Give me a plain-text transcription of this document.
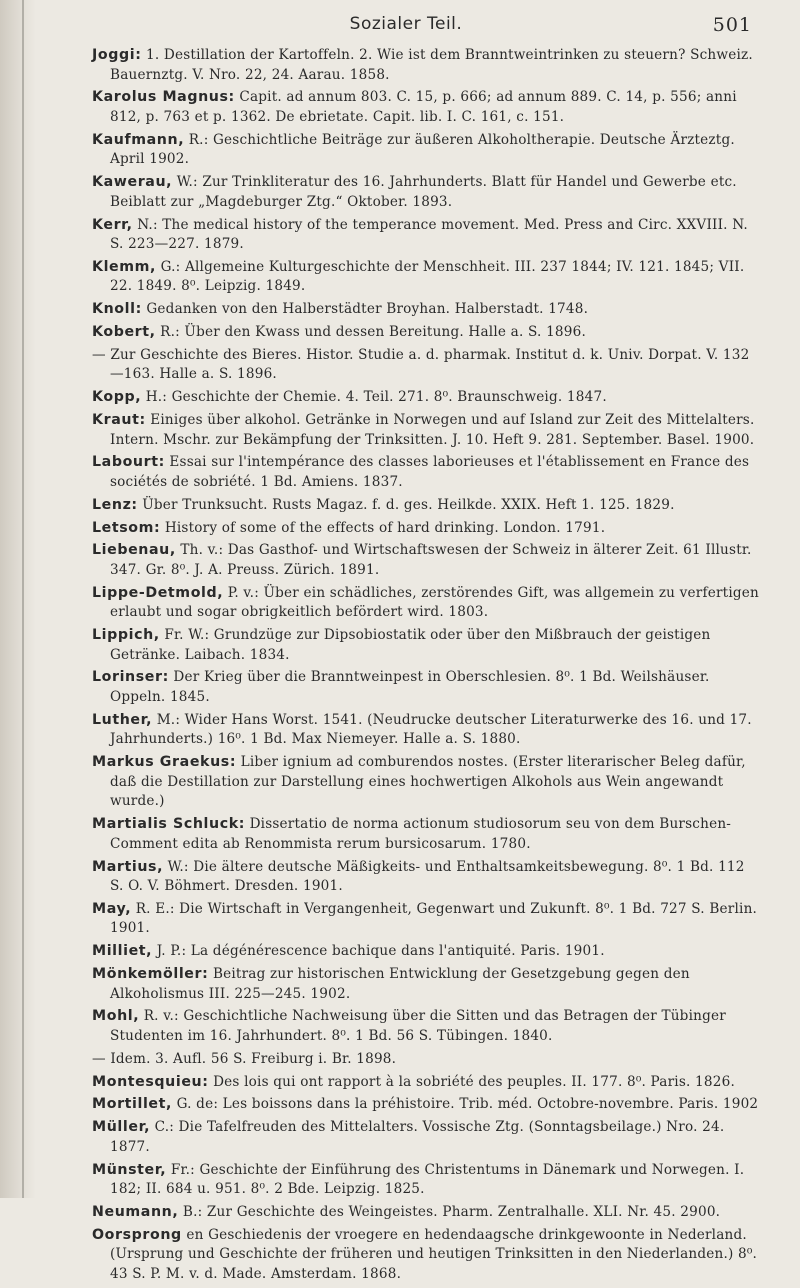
Sozialer Teil.	501

Joggi: 1. Destillation der Kartoffeln. 2. Wie ist dem Branntweintrinken zu steuern? Schweiz. Bauernztg. V. Nro. 22, 24. Aarau. 1858.

Karolus Magnus: Capit. ad annum 803. C. 15, p. 666; ad annum 889. C. 14, p. 556; anni 812, p. 763 et p. 1362. De ebrietate. Capit. lib. I. C. 161, c. 151.

Kaufmann, R.: Geschichtliche Beiträge zur äußeren Alkoholtherapie. Deutsche Ärzteztg. April 1902.

Kawerau, W.: Zur Trinkliteratur des 16. Jahrhunderts. Blatt für Handel und Gewerbe etc. Beiblatt zur „Magdeburger Ztg.“ Oktober. 1893.

Kerr, N.: The medical history of the temperance movement. Med. Press and Circ. XXVIII. N. S. 223—227. 1879.

Klemm, G.: Allgemeine Kulturgeschichte der Menschheit. III. 237 1844; IV. 121. 1845; VII. 22. 1849. 8⁰. Leipzig. 1849.

Knoll: Gedanken von den Halberstädter Broyhan. Halberstadt. 1748.

Kobert, R.: Über den Kwass und dessen Bereitung. Halle a. S. 1896.

— Zur Geschichte des Bieres. Histor. Studie a. d. pharmak. Institut d. k. Univ. Dorpat. V. 132—163. Halle a. S. 1896.

Kopp, H.: Geschichte der Chemie. 4. Teil. 271. 8⁰. Braunschweig. 1847.

Kraut: Einiges über alkohol. Getränke in Norwegen und auf Island zur Zeit des Mittelalters. Intern. Mschr. zur Bekämpfung der Trinksitten. J. 10. Heft 9. 281. September. Basel. 1900.

Labourt: Essai sur l'intempérance des classes laborieuses et l'établissement en France des sociétés de sobriété. 1 Bd. Amiens. 1837.

Lenz: Über Trunksucht. Rusts Magaz. f. d. ges. Heilkde. XXIX. Heft 1. 125. 1829.

Letsom: History of some of the effects of hard drinking. London. 1791.

Liebenau, Th. v.: Das Gasthof- und Wirtschaftswesen der Schweiz in älterer Zeit. 61 Illustr. 347. Gr. 8⁰. J. A. Preuss. Zürich. 1891.

Lippe-Detmold, P. v.: Über ein schädliches, zerstörendes Gift, was allgemein zu verfertigen erlaubt und sogar obrigkeitlich befördert wird. 1803.

Lippich, Fr. W.: Grundzüge zur Dipsobiostatik oder über den Mißbrauch der geistigen Getränke. Laibach. 1834.

Lorinser: Der Krieg über die Branntweinpest in Oberschlesien. 8⁰. 1 Bd. Weilshäuser. Oppeln. 1845.

Luther, M.: Wider Hans Worst. 1541. (Neudrucke deutscher Literaturwerke des 16. und 17. Jahrhunderts.) 16⁰. 1 Bd. Max Niemeyer. Halle a. S. 1880.

Markus Graekus: Liber ignium ad comburendos nostes. (Erster literarischer Beleg dafür, daß die Destillation zur Darstellung eines hochwertigen Alkohols aus Wein angewandt wurde.)

Martialis Schluck: Dissertatio de norma actionum studiosorum seu von dem Burschen-Comment edita ab Renommista rerum bursicosarum. 1780.

Martius, W.: Die ältere deutsche Mäßigkeits- und Enthaltsamkeitsbewegung. 8⁰. 1 Bd. 112 S. O. V. Böhmert. Dresden. 1901.

May, R. E.: Die Wirtschaft in Vergangenheit, Gegenwart und Zukunft. 8⁰. 1 Bd. 727 S. Berlin. 1901.

Milliet, J. P.: La dégénérescence bachique dans l'antiquité. Paris. 1901.

Mönkemöller: Beitrag zur historischen Entwicklung der Gesetzgebung gegen den Alkoholismus III. 225—245. 1902.

Mohl, R. v.: Geschichtliche Nachweisung über die Sitten und das Betragen der Tübinger Studenten im 16. Jahrhundert. 8⁰. 1 Bd. 56 S. Tübingen. 1840.

— Idem. 3. Aufl. 56 S. Freiburg i. Br. 1898.

Montesquieu: Des lois qui ont rapport à la sobriété des peuples. II. 177. 8⁰. Paris. 1826.

Mortillet, G. de: Les boissons dans la préhistoire. Trib. méd. Octobre-novembre. Paris. 1902

Müller, C.: Die Tafelfreuden des Mittelalters. Vossische Ztg. (Sonntagsbeilage.) Nro. 24. 1877.

Münster, Fr.: Geschichte der Einführung des Christentums in Dänemark und Norwegen. I. 182; II. 684 u. 951. 8⁰. 2 Bde. Leipzig. 1825.

Neumann, B.: Zur Geschichte des Weingeistes. Pharm. Zentralhalle. XLI. Nr. 45. 2900.

Oorsprong en Geschiedenis der vroegere en hedendaagsche drinkgewoonte in Nederland. (Ursprung und Geschichte der früheren und heutigen Trinksitten in den Niederlanden.) 8⁰. 43 S. P. M. v. d. Made. Amsterdam. 1868.
